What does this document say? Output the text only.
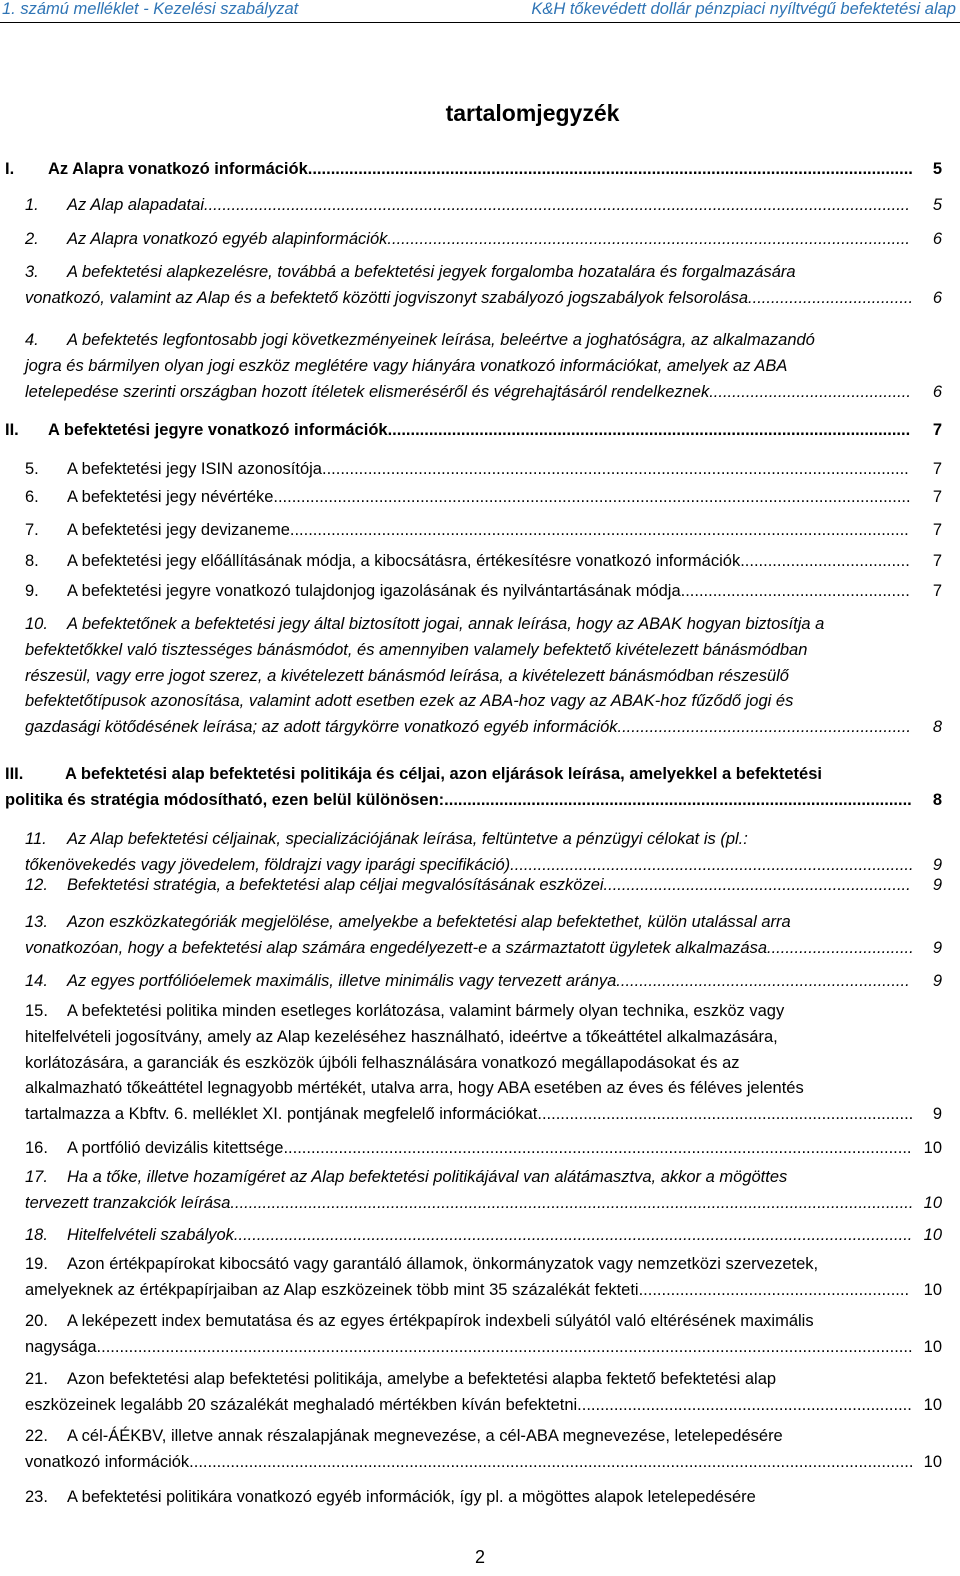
1. számú melléklet - Kezelési szabályzat	K&H tőkevédett dollár pénzpiaci nyíltvégű befektetési alap
tartalomjegyzék
I. Az Alapra vonatkozó információk.................................................................................................................................... 5
1. Az Alap alapadatai.......................................................................................................................................................... 5
2. Az Alapra vonatkozó egyéb alapinformációk.................................................................................................................. 6
3. A befektetési alapkezelésre, továbbá a befektetési jegyek forgalomba hozatalára és forgalmazására
vonatkozó, valamint az Alap és a befektető közötti jogviszonyt szabályozó jogszabályok felsorolása.................................... 6
4. A befektetés legfontosabb jogi következményeinek leírása, beleértve a joghatóságra, az alkalmazandó
jogra és bármilyen olyan jogi eszköz meglétére vagy hiányára vonatkozó információkat, amelyek az ABA
letelepedése szerinti országban hozott ítéletek elismeréséről és végrehajtásáról rendelkeznek............................................ 6
II. A befektetési jegyre vonatkozó információk.................................................................................................................. 7
5. A befektetési jegy ISIN azonosítója................................................................................................................................ 7
6. A befektetési jegy névértéke........................................................................................................................................... 7
7. A befektetési jegy devizaneme....................................................................................................................................... 7
8. A befektetési jegy előállításának módja, a kibocsátásra, értékesítésre vonatkozó információk..................................... 7
9. A befektetési jegyre vonatkozó tulajdonjog igazolásának és nyilvántartásának módja.................................................. 7
10. A befektetőnek a befektetési jegy által biztosított jogai, annak leírása, hogy az ABAK hogyan biztosítja a
befektetőkkel való tisztességes bánásmódot, és amennyiben valamely befektető kivételezett bánásmódban
részesül, vagy erre jogot szerez, a kivételezett bánásmód leírása, a kivételezett bánásmódban részesülő
befektetőtípusok azonosítása, valamint adott esetben ezek az ABA-hoz vagy az ABAK-hoz fűződő jogi és
gazdasági kötődésének leírása; az adott tárgykörre vonatkozó egyéb információk................................................................ 8
III.	A befektetési alap befektetési politikája és céljai, azon eljárások leírása, amelyekkel a befektetési
politika és stratégia módosítható, ezen belül különösen:...................................................................................................... 8
11. Az Alap befektetési céljainak, specializációjának leírása, feltüntetve a pénzügyi célokat is (pl.:
tőkenövekedés vagy jövedelem, földrajzi vagy iparági specifikáció)........................................................................................ 9
12. Befektetési stratégia, a befektetési alap céljai megvalósításának eszközei................................................................... 9
13. Azon eszközkategóriák megjelölése, amelyekbe a befektetési alap befektethet, külön utalással arra
vonatkozóan, hogy a befektetési alap számára engedélyezett-e a származtatott ügyletek alkalmazása................................ 9
14. Az egyes portfólióelemek maximális, illetve minimális vagy tervezett aránya................................................................ 9
15. A befektetési politika minden esetleges korlátozása, valamint bármely olyan technika, eszköz vagy
hitelfelvételi jogosítvány, amely az Alap kezeléséhez használható, ideértve a tőkeáttétel alkalmazására,
korlátozására, a garanciák és eszközök újbóli felhasználására vonatkozó megállapodásokat és az
alkalmazható tőkeáttétel legnagyobb mértékét, utalva arra, hogy ABA esetében az éves és féléves jelentés
tartalmazza a Kbftv. 6. melléklet XI. pontjának megfelelő információkat.................................................................................. 9
16. A portfólió devizális kitettsége......................................................................................................................................... 10
17. Ha a tőke, illetve hozamígéret az Alap befektetési politikájával van alátámasztva, akkor a mögöttes
tervezett tranzakciók leírása..................................................................................................................................................... 10
18. Hitelfelvételi szabályok.................................................................................................................................................... 10
19. Azon értékpapírokat kibocsátó vagy garantáló államok, önkormányzatok vagy nemzetközi szervezetek,
amelyeknek az értékpapírjaiban az Alap eszközeinek több mint 35 százalékát fekteti........................................................... 10
20. A leképezett index bemutatása és az egyes értékpapírok indexbeli súlyától való eltérésének maximális
nagysága.................................................................................................................................................................................. 10
21. Azon befektetési alap befektetési politikája, amelybe a befektetési alapba fektető befektetési alap
eszközeinek legalább 20 százalékát meghaladó mértékben kíván befektetni......................................................................... 10
22. A cél-ÁÉKBV, illetve annak részalapjának megnevezése, a cél-ABA megnevezése, letelepedésére
vonatkozó információk.............................................................................................................................................................. 10
23. A befektetési politikára vonatkozó egyéb információk, így pl. a mögöttes alapok letelepedésére
2
